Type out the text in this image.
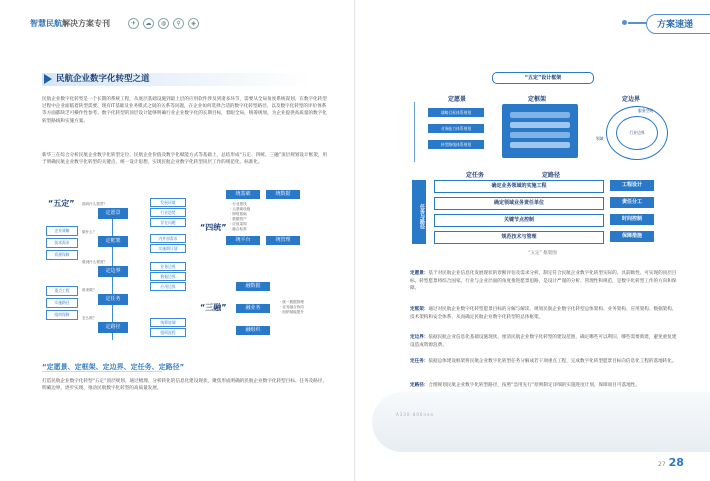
智慧民航解决方案专刊	✈	☁	◍	⚲	◈	方案速递
民航企业数字化转型之道
民航企业数字化转型是一个长期的系统工程，从底层基础设施到最上层的应用软件涉及到诸多环节，需要从全局角度系统谋划。在数字化转型过程中企业面临着转型需要、现有IT基础及业务模式之间的关系等问题，在企业如何选择合适的数字化转型路径、以及数字化转型的评价体系等方面都缺乏可操作性参考。数字化转型的顶层设计能够明确行业企业数字化的长期目标，着眼全局，统筹规划，为企业提供高质量的数字化转型路线和实施方案。
新华三在综合分析民航企业数字化转型定位、民航企业价值及数字化赋能方式等基础上，总结形成“五定、四统、三融”顶层规划设计框架，用于明确民航企业数字化转型的关键点，统一设计思想，实现民航企业数字化转型顶层工作的规范化、标准化。
“五定”
“四统”
“三融”
企业战略
技术需求
资源保障
重点工程
实施路径
组织保障
面向什么愿景？
做什么？
做到什么程度？
谁来做？
怎么做？
定愿景
定框架
定边界
定任务
定路径
发展环境
行业趋势
存在问题
内外部需求
实施期计划
业务边界
数据边界
应用边界
统筹协调
组织流程
统基础	统数据
统平台	统管理
· 行业基线
· 云基础设施
· 网络基础
· 数据资产
· 应用架构
· 融合标准
融数据
融业务
融组织
· 统一数据管理
· 业务融合协同
· 组织赋能提升
“定愿景、定框架、定边界、定任务、定路径”
打造民航企业数字化转型“五定”顶层规划，通过梳理、分析转化的信息化建设现状，聚焦形成明确的民航企业数字化转型目标、任务及路径，明确边界，逐步实现，推动民航数字化转型的高质量发展。
“五定”设计框架
定愿景	定框架	定边界
战略目标体系规划
业务能力体系规划
转型路线体系规划
行业边界
服务空间
领域
定任务	定路径
任务与路径
确定业务领域的实施工程	工程设计
确定领域业务责任单位	责任分工
关键节点控制	时间控制
规范技术与管理	保障措施
“五定” 框架图
定愿景：基于对民航企业信息化发展现状的诊断评估及需求分析，制定符合民航企业数字化转型实际的、具前瞻性、可实现的顶层目标。转型愿景将综合国家、行业与企业层面的角度推进愿景思路，是设计严谨的分析、管理性和规范，是数字化转型工作的方向和保障。
定框架：通过对民航企业数字化转型愿景目标的分解与解读，规划民航企业数字化转型总体架构、业务架构、应用架构、数据架构、技术架构和安全体系，从而确定民航企业数字化转型的总体框架。
定边界：依据民航企业信息化基础设施现状，厘清民航企业数字化转型的建设范围，确定哪些可以利旧、哪些需要新建，避免重复建设造成资源浪费。
定任务：依据总体建设框架将民航企业数字化转型任务分解成若干项重点工程，完成数字化转型愿景目标向信息化工程的落地转化。
定路径：合理规划民航企业数字化转型路径，按照“急用先行”原则制定详细的实施进度计划，保障项目可落地性。
A330-800neo
27 28
